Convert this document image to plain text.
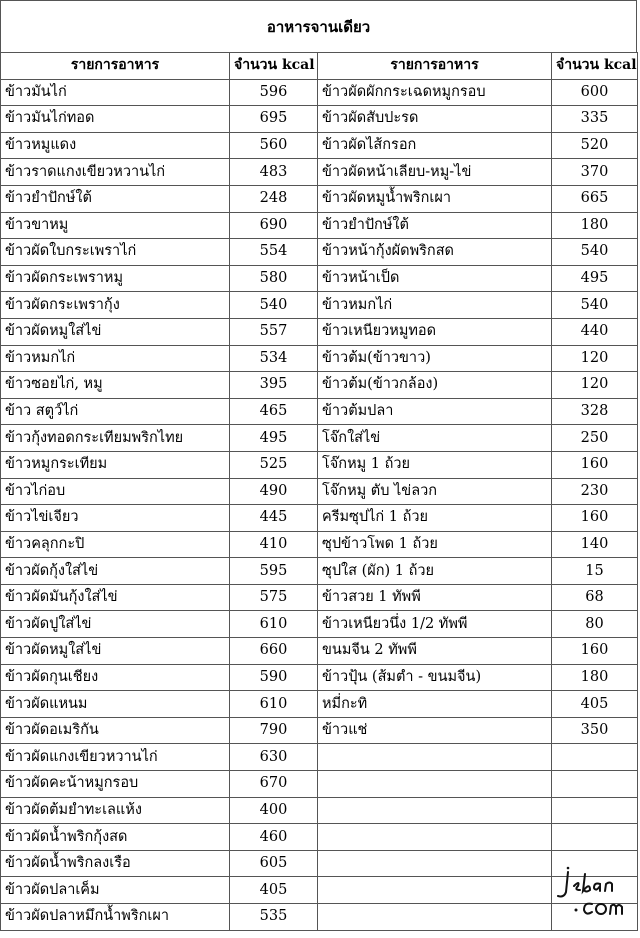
อาหารจานเดียว
รายการอาหาร	จำนวน kcal	รายการอาหาร	จำนวน kcal
ข้าวมันไก่	596	ข้าวผัดผักกระเฉดหมูกรอบ	600
ข้าวมันไก่ทอด	695	ข้าวผัดสับปะรด	335
ข้าวหมูแดง	560	ข้าวผัดไส้กรอก	520
ข้าวราดแกงเขียวหวานไก่	483	ข้าวผัดหน้าเลียบ-หมู-ไข่	370
ข้าวยำปักษ์ใต้	248	ข้าวผัดหมูน้ำพริกเผา	665
ข้าวขาหมู	690	ข้าวยำปักษ์ใต้	180
ข้าวผัดใบกระเพราไก่	554	ข้าวหน้ากุ้งผัดพริกสด	540
ข้าวผัดกระเพราหมู	580	ข้าวหน้าเป็ด	495
ข้าวผัดกระเพรากุ้ง	540	ข้าวหมกไก่	540
ข้าวผัดหมูใส่ไข่	557	ข้าวเหนียวหมูทอด	440
ข้าวหมกไก่	534	ข้าวต้ม(ข้าวขาว)	120
ข้าวซอยไก่, หมู	395	ข้าวต้ม(ข้าวกล้อง)	120
ข้าว สตูว์ไก่	465	ข้าวต้มปลา	328
ข้าวกุ้งทอดกระเทียมพริกไทย	495	โจ๊กใส่ไข่	250
ข้าวหมูกระเทียม	525	โจ๊กหมู 1 ถ้วย	160
ข้าวไก่อบ	490	โจ๊กหมู ตับ ไข่ลวก	230
ข้าวไข่เจียว	445	ครีมซุปไก่ 1 ถ้วย	160
ข้าวคลุกกะปิ	410	ซุปข้าวโพด 1 ถ้วย	140
ข้าวผัดกุ้งใส่ไข่	595	ซุปใส (ผัก) 1 ถ้วย	15
ข้าวผัดมันกุ้งใส่ไข่	575	ข้าวสวย 1 ทัพพี	68
ข้าวผัดปูใส่ไข่	610	ข้าวเหนียวนึ่ง 1/2 ทัพพี	80
ข้าวผัดหมูใส่ไข่	660	ขนมจีน 2 ทัพพี	160
ข้าวผัดกุนเชียง	590	ข้าวปุ้น (ส้มตำ - ขนมจีน)	180
ข้าวผัดแหนม	610	หมี่กะทิ	405
ข้าวผัดอเมริกัน	790	ข้าวแช่	350
ข้าวผัดแกงเขียวหวานไก่	630		
ข้าวผัดคะน้าหมูกรอบ	670		
ข้าวผัดต้มยำทะเลแห้ง	400		
ข้าวผัดน้ำพริกกุ้งสด	460		
ข้าวผัดน้ำพริกลงเรือ	605		
ข้าวผัดปลาเค็ม	405		
ข้าวผัดปลาหมึกน้ำพริกเผา	535		
